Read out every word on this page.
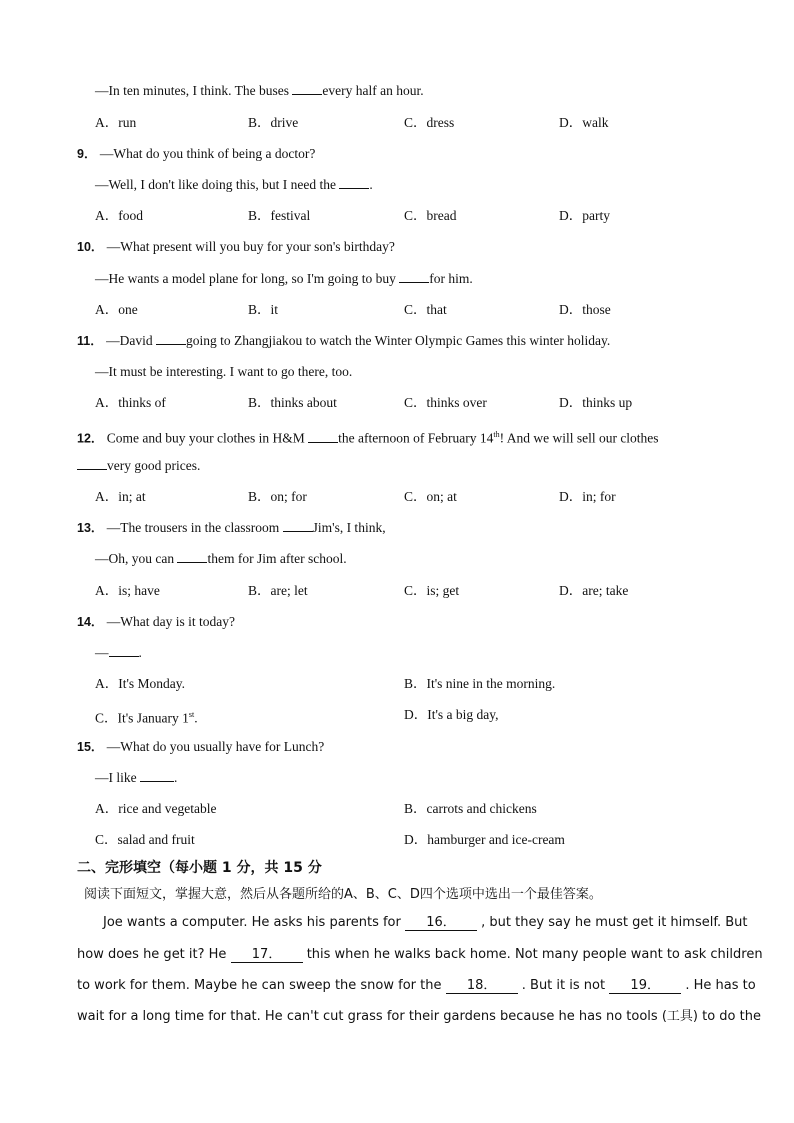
—In ten minutes, I think. The buses every half an hour.
A．run	B．drive	C．dress	D．walk
9． —What do you think of being a doctor?
—Well, I don't like doing this, but I need the .
A．food	B．festival	C．bread	D．party
10． —What present will you buy for your son's birthday?
—He wants a model plane for long, so I'm going to buy for him.
A．one	B．it	C．that	D．those
11． —David going to Zhangjiakou to watch the Winter Olympic Games this winter holiday.
—It must be interesting. I want to go there, too.
A．thinks of	B．thinks about	C．thinks over	D．thinks up
12． Come and buy your clothes in H&M the afternoon of February 14th! And we will sell our clothes
very good prices.
A．in; at	B．on; for	C．on; at	D．in; for
13． —The trousers in the classroom Jim's, I think,
—Oh, you can them for Jim after school.
A．is; have	B．are; let	C．is; get	D．are; take
14． —What day is it today?
— .
A．It's Monday.	B．It's nine in the morning.
C．It's January 1st.	D．It's a big day,
15． —What do you usually have for Lunch?
—I like	.
A．rice and vegetable	B．carrots and chickens
C．salad and fruit	D．hamburger and ice-cream
二、完形填空（每小题 1 分，共 15 分
阅读下面短文，掌握大意，然后从各题所给的A、B、C、D四个选项中选出一个最佳答案。
Joe wants a computer. He asks his parents for 16． , but they say he must get it himself. But
how does he get it? He 17． this when he walks back home. Not many people want to ask children
to work for them. Maybe he can sweep the snow for the 18． . But it is not 19． . He has to
wait for a long time for that. He can't cut grass for their gardens because he has no tools (工具) to do the
